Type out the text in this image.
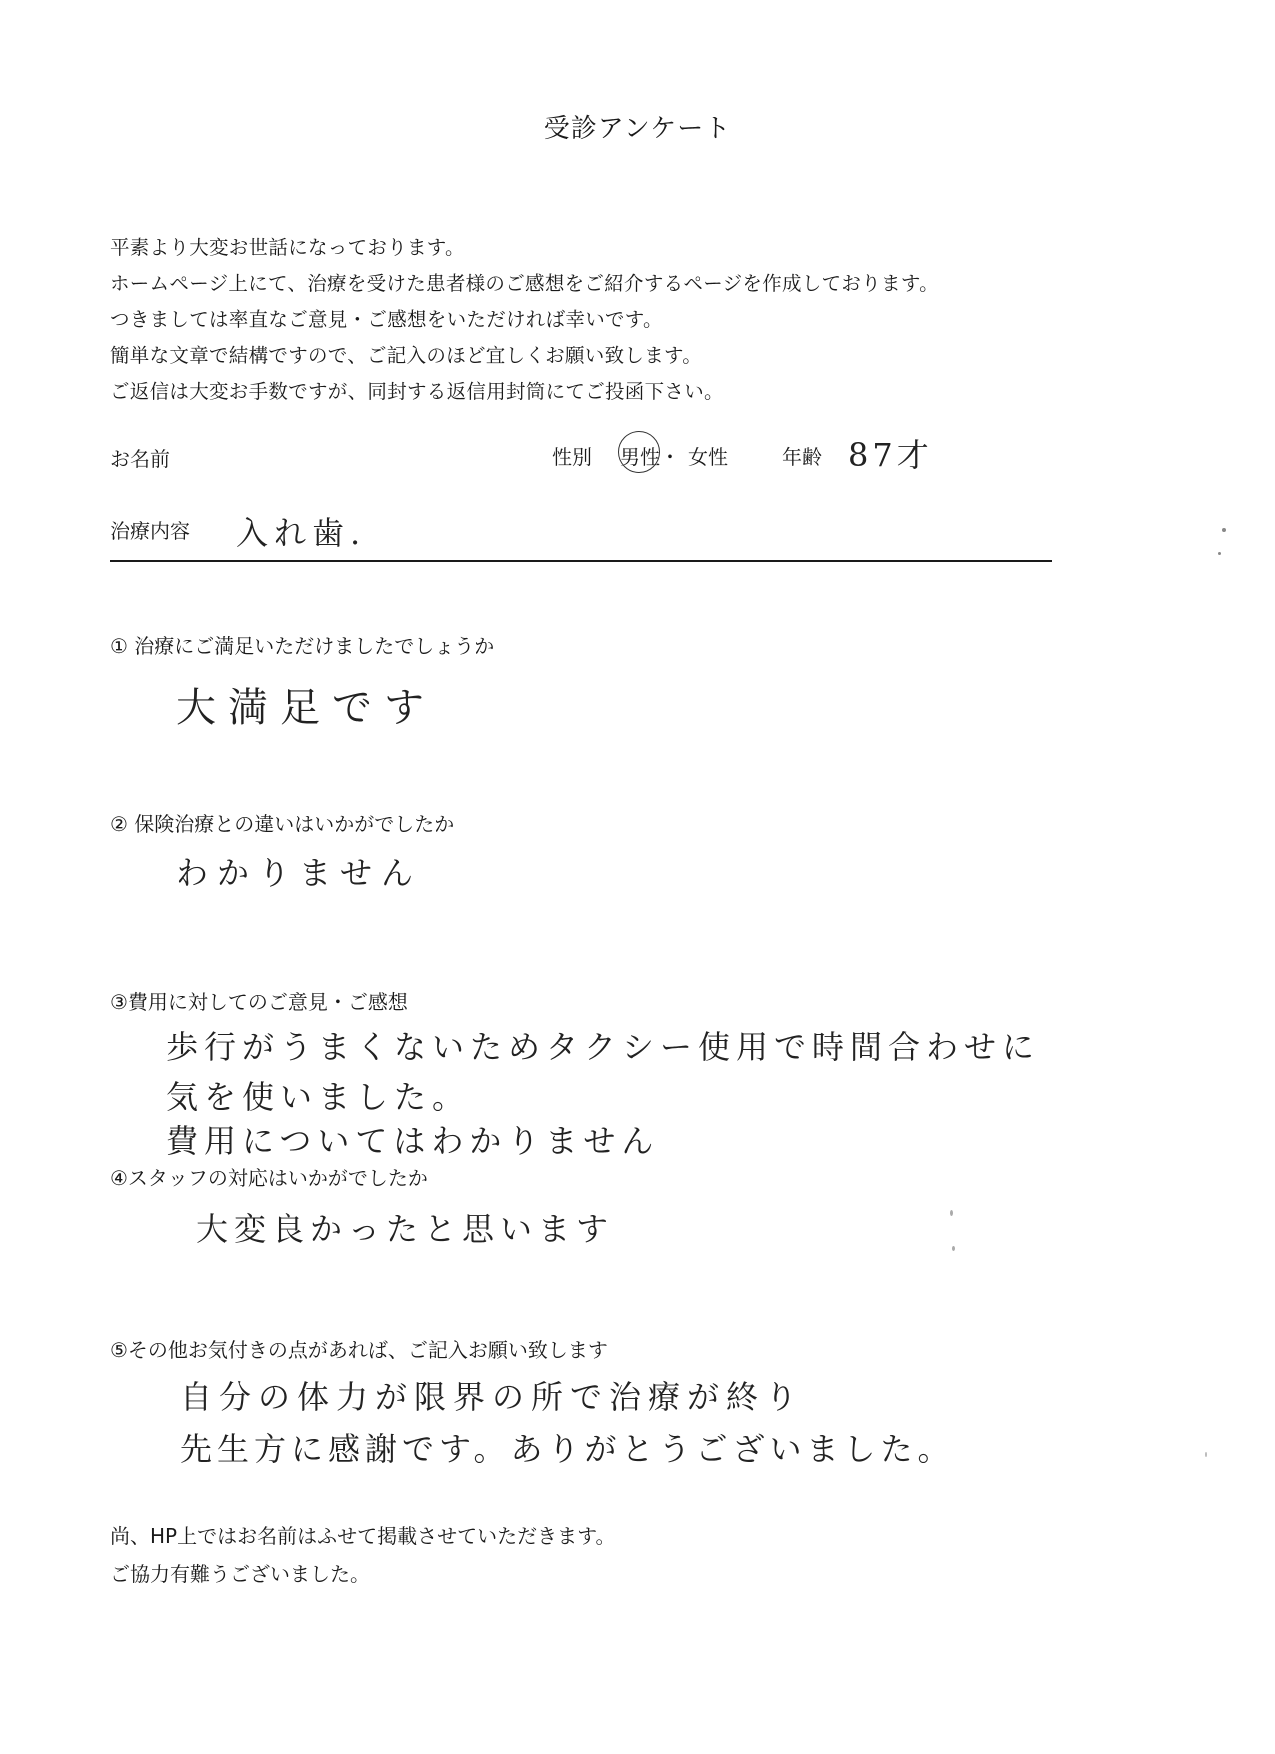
受診アンケート
平素より大変お世話になっております。
ホームページ上にて、治療を受けた患者様のご感想をご紹介するページを作成しております。
つきましては率直なご意見・ご感想をいただければ幸いです。
簡単な文章で結構ですので、ご記入のほど宜しくお願い致します。
ご返信は大変お手数ですが、同封する返信用封筒にてご投函下さい。
お名前	性別 男性 ・ 女性	年齢 87才
治療内容 入れ歯.
① 治療にご満足いただけましたでしょうか
大満足です
② 保険治療との違いはいかがでしたか
わかりません
③費用に対してのご意見・ご感想
歩行がうまくないためタクシー使用で時間合わせに
気を使いました。
費用についてはわかりません
④スタッフの対応はいかがでしたか
大変良かったと思います
⑤その他お気付きの点があれば、ご記入お願い致します
自分の体力が限界の所で治療が終り
先生方に感謝です。ありがとうございました。
尚、HP上ではお名前はふせて掲載させていただきます。
ご協力有難うございました。
